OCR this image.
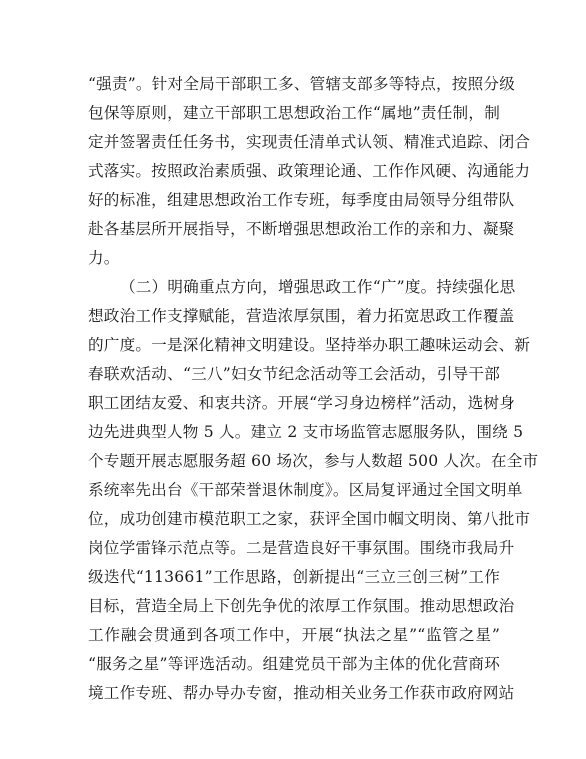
“强责”。针对全局干部职工多、管辖支部多等特点，按照分级
包保等原则，建立干部职工思想政治工作“属地”责任制，制
定并签署责任任务书，实现责任清单式认领、精准式追踪、闭合
式落实。按照政治素质强、政策理论通、工作作风硬、沟通能力
好的标准，组建思想政治工作专班，每季度由局领导分组带队
赴各基层所开展指导，不断增强思想政治工作的亲和力、凝聚
力。
（二）明确重点方向，增强思政工作“广”度。持续强化思
想政治工作支撑赋能，营造浓厚氛围，着力拓宽思政工作覆盖
的广度。一是深化精神文明建设。坚持举办职工趣味运动会、新
春联欢活动、“三八”妇女节纪念活动等工会活动，引导干部
职工团结友爱、和衷共济。开展“学习身边榜样”活动，选树身
边先进典型人物 5 人。建立 2 支市场监管志愿服务队，围绕 5
个专题开展志愿服务超 60 场次，参与人数超 500 人次。在全市
系统率先出台《干部荣誉退休制度》。区局复评通过全国文明单
位，成功创建市模范职工之家，获评全国巾帼文明岗、第八批市
岗位学雷锋示范点等。二是营造良好干事氛围。围绕市我局升
级迭代“113661”工作思路，创新提出“三立三创三树”工作
目标，营造全局上下创先争优的浓厚工作氛围。推动思想政治
工作融会贯通到各项工作中，开展“执法之星”“监管之星”
“服务之星”等评选活动。组建党员干部为主体的优化营商环
境工作专班、帮办导办专窗，推动相关业务工作获市政府网站
